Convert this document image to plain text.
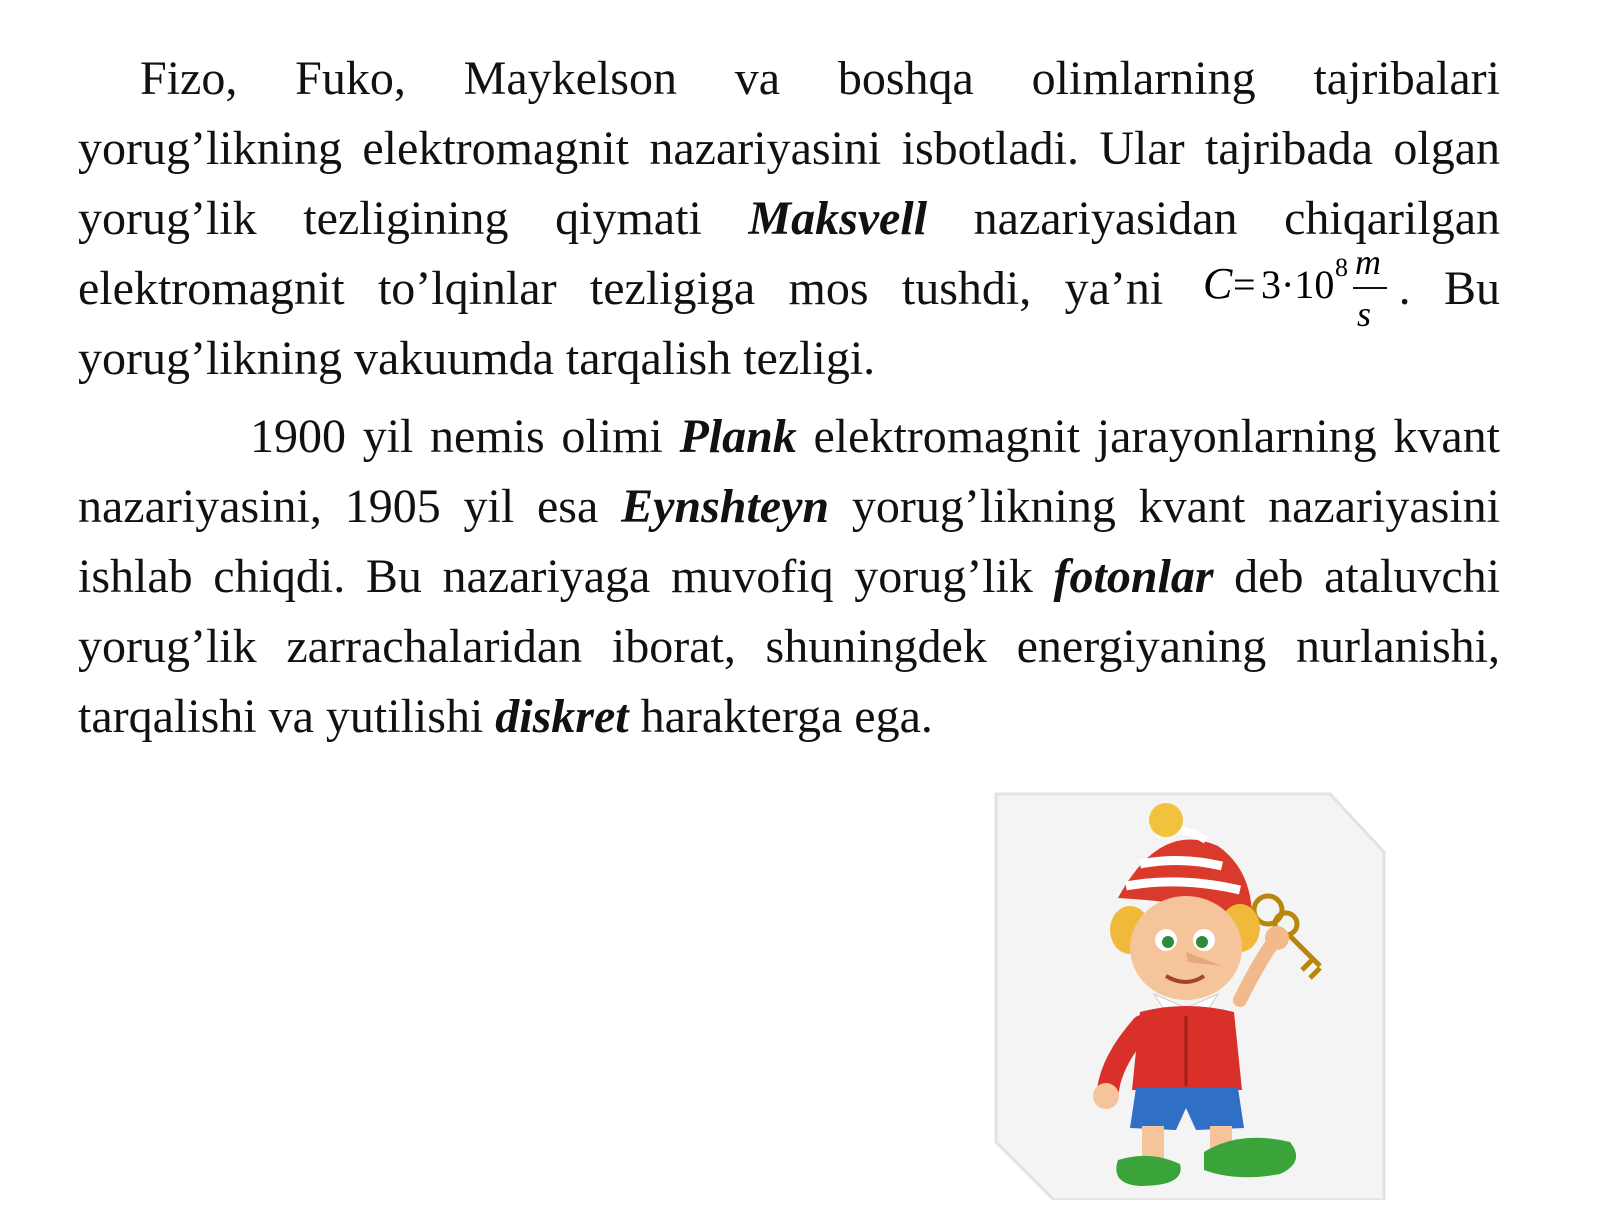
Fizo, Fuko, Maykelson va boshqa olimlarning tajribalari yorug’likning elektromagnit nazariyasini isbotladi. Ular tajribada olgan yorug’lik tezligining qiymati Maksvell nazariyasidan chiqarilgan elektromagnit to’lqinlar tezligiga mos tushdi, ya’ni C = 3·10 8 m
s . Bu yorug’likning vakuumda tarqalish tezligi.

1900 yil nemis olimi Plank elektromagnit jarayonlarning kvant nazariyasini, 1905 yil esa Eynshteyn yorug’likning kvant nazariyasini ishlab chiqdi. Bu nazariyaga muvofiq yorug’lik fotonlar deb ataluvchi yorug’lik zarrachalaridan iborat, shuningdek energiyaning nurlanishi, tarqalishi va yutilishi diskret harakterga ega.
